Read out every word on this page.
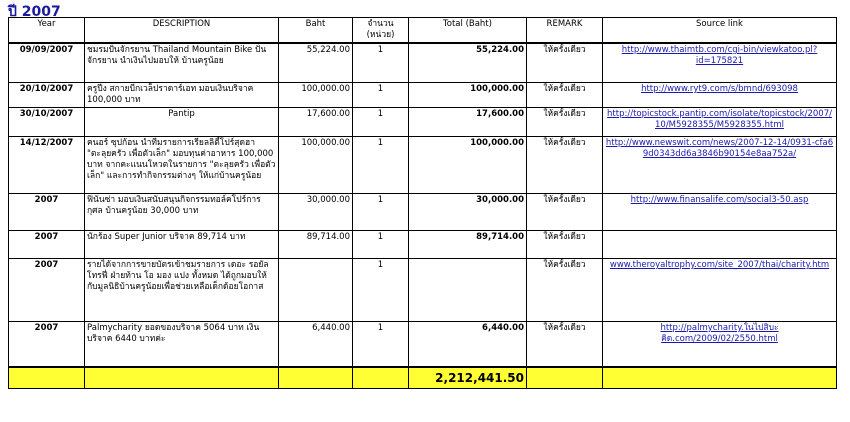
ปี 2007
Year	DESCRIPTION	Baht	จำนวน (หน่วย)	Total (Baht)	REMARK	Source link
09/09/2007	ชมรมปั่นจักรยาน Thailand Mountain Bike ปั่นจักรยาน นำเงินไปมอบให้ บ้านครูน้อย	55,224.00	1	55,224.00	ให้ครั้งเดียว	http://www.thaimtb.com/cgi-bin/viewkatoo.pl?id=175821
20/10/2007	ครูปีง สกายบีกเวล็ปราดาร์เอท มอบเงินบริจาค 100,000 บาท	100,000.00	1	100,000.00	ให้ครั้งเดียว	http://www.ryt9.com/s/bmnd/693098
30/10/2007	Pantip	17,600.00	1	17,600.00	ให้ครั้งเดียว	http://topicstock.pantip.com/isolate/topicstock/2007/10/M5928355/M5928355.html
14/12/2007	คนอร์ ซุปก้อน นำทีมรายการเรียลลิตี้โปร์สุดฮา "ตะลุยครัว เพื่อตัวเล็ก" มอบทุนค่าอาหาร 100,000 บาท จากคะแนนโหวตในรายการ "ตะลุยครัว เพื่อตัวเล็ก" และการทำกิจกรรมต่างๆ ให้แก่บ้านครูน้อย	100,000.00	1	100,000.00	ให้ครั้งเดียว	http://www.newswit.com/news/2007-12-14/0931-cfa69d0343dd6a3846b90154e8aa752a/
2007	ฟินันซ่า มอบเงินสนับสนุนกิจกรรมทอล์คโปร์การกุศล บ้านครูน้อย 30,000 บาท	30,000.00	1	30,000.00	ให้ครั้งเดียว	http://www.finansalife.com/social3-50.asp
2007	นักร้อง Super Junior บริจาค 89,714 บาท	89,714.00	1	89,714.00	ให้ครั้งเดียว	
2007	รายได้จากการขายบัตรเข้าชมรายการ เดอะ รอยัล โทรฟี่ ฝ่ายท้าน โอ มอง แปง ทั้งหมด ได้ถูกมอบให้กับมูลนิธิบ้านครูน้อยเพื่อช่วยเหลือเด็กด้อยโอกาส		1		ให้ครั้งเดียว	www.theroyaltrophy.com/site_2007/thai/charity.htm
2007	Palmycharity ยอดของบริจาค 5064 บาท เงินบริจาค 6440 บาทค่ะ	6,440.00	1	6,440.00	ให้ครั้งเดียว	http://palmycharity.ในไปสิบะคิด.com/2009/02/2550.html
				2,212,441.50		
